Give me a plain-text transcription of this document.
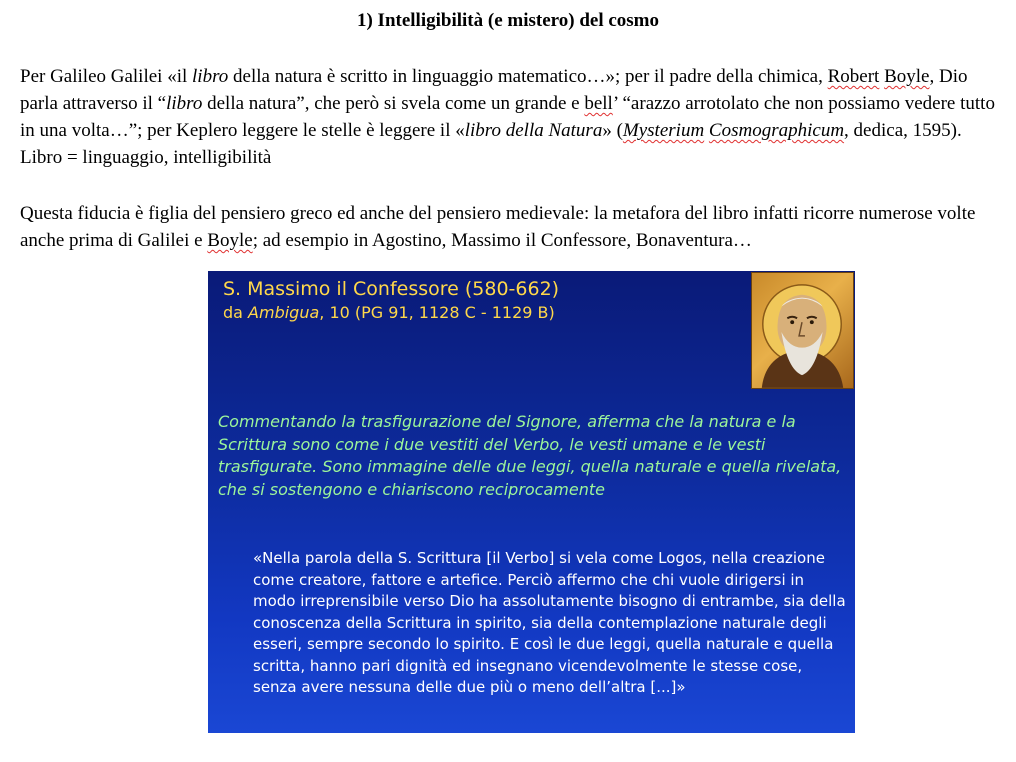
1) Intelligibilità (e mistero) del cosmo

Per Galileo Galilei «il libro della natura è scritto in linguaggio matematico…»; per il padre della chimica, Robert Boyle, Dio parla attraverso il “libro della natura”, che però si svela come un grande e bell’ “arazzo arrotolato che non possiamo vedere tutto in una volta…”; per Keplero leggere le stelle è leggere il «libro della Natura» (Mysterium Cosmographicum, dedica, 1595). Libro = linguaggio, intelligibilità

Questa fiducia è figlia del pensiero greco ed anche del pensiero medievale: la metafora del libro infatti ricorre numerose volte anche prima di Galilei e Boyle; ad esempio in Agostino, Massimo il Confessore, Bonaventura…

S. Massimo il Confessore (580-662)
da Ambigua, 10 (PG 91, 1128 C - 1129 B)
Commentando la trasfigurazione del Signore, afferma che la natura e la Scrittura sono come i due vestiti del Verbo, le vesti umane e le vesti trasfigurate. Sono immagine delle due leggi, quella naturale e quella rivelata, che si sostengono e chiariscono reciprocamente
«Nella parola della S. Scrittura [il Verbo] si vela come Logos, nella creazione come creatore, fattore e artefice. Perciò affermo che chi vuole dirigersi in modo irreprensibile verso Dio ha assolutamente bisogno di entrambe, sia della conoscenza della Scrittura in spirito, sia della contemplazione naturale degli esseri, sempre secondo lo spirito. E così le due leggi, quella naturale e quella scritta, hanno pari dignità ed insegnano vicendevolmente le stesse cose, senza avere nessuna delle due più o meno dell’altra [...]»
